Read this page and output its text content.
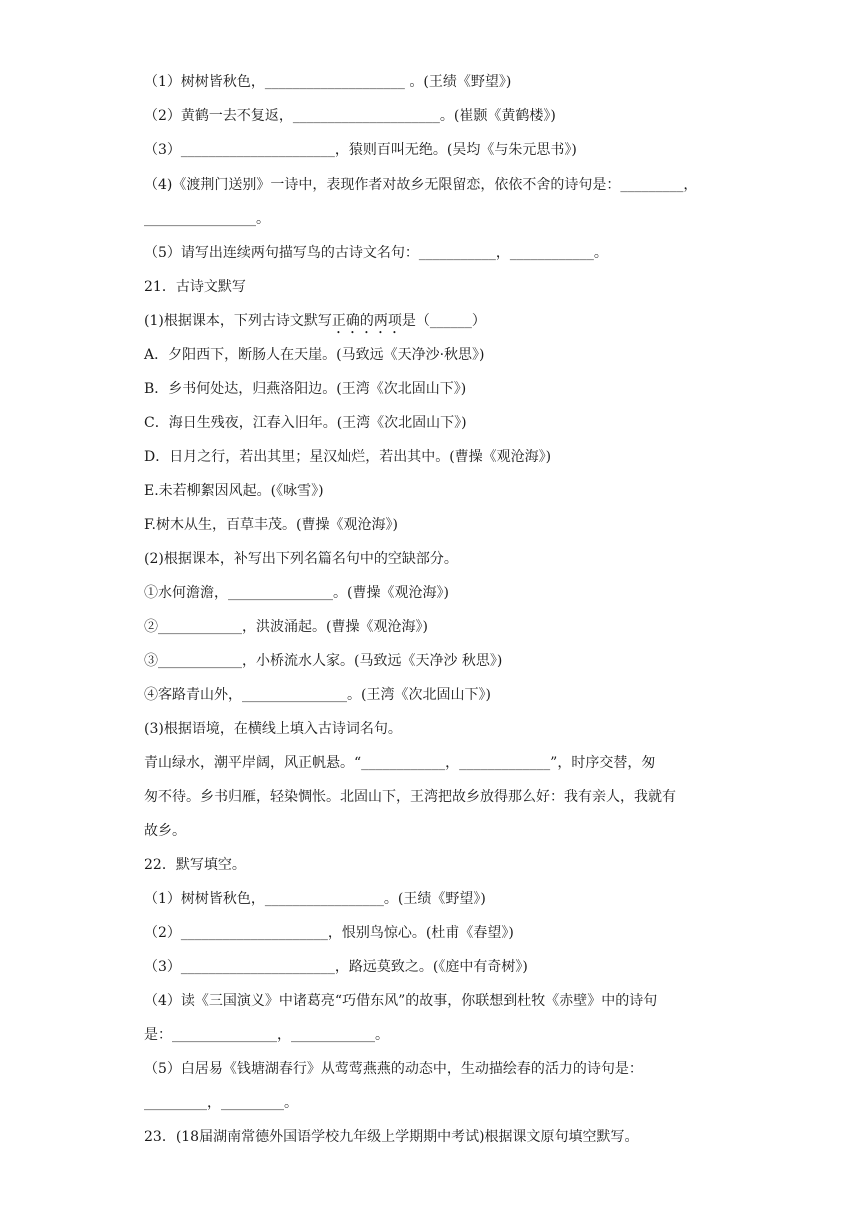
（1）树树皆秋色，____________________ 。(王绩《野望》)
（2）黄鹤一去不复返，_____________________。(崔颢《黄鹤楼》)
（3）______________________，猿则百叫无绝。(吴均《与朱元思书》)
（4)《渡荆门送别》一诗中，表现作者对故乡无限留恋，依依不舍的诗句是：_________，
________________。
（5）请写出连续两句描写鸟的古诗文名句：___________，____________。
21．古诗文默写
(1)根据课本，下列古诗文默写正确的两项是（______）
A．夕阳西下，断肠人在天崖。(马致远《天净沙·秋思》)
B．乡书何处达，归燕洛阳边。(王湾《次北固山下》)
C．海日生残夜，江春入旧年。(王湾《次北固山下》)
D．日月之行，若出其里；星汉灿烂，若出其中。(曹操《观沧海》)
E.未若柳絮因风起。(《咏雪》)
F.树木从生，百草丰茂。(曹操《观沧海》)
(2)根据课本，补写出下列名篇名句中的空缺部分。
①水何澹澹，_______________。(曹操《观沧海》)
②____________，洪波涌起。(曹操《观沧海》)
③____________，小桥流水人家。(马致远《天净沙 秋思》)
④客路青山外，_______________。(王湾《次北固山下》)
(3)根据语境，在横线上填入古诗词名句。
青山绿水，潮平岸阔，风正帆悬。“____________，_____________”，时序交替，匆
匆不待。乡书归雁，轻染惆怅。北固山下，王湾把故乡放得那么好：我有亲人，我就有
故乡。
22．默写填空。
（1）树树皆秋色，_________________。(王绩《野望》)
（2）_____________________，恨别鸟惊心。(杜甫《春望》)
（3）______________________，路远莫致之。(《庭中有奇树》)
（4）读《三国演义》中诸葛亮“巧借东风”的故事，你联想到杜牧《赤壁》中的诗句
是：_______________，____________。
（5）白居易《钱塘湖春行》从莺莺燕燕的动态中，生动描绘春的活力的诗句是：
_________，_________。
23．(18届湖南常德外国语学校九年级上学期期中考试)根据课文原句填空默写。
